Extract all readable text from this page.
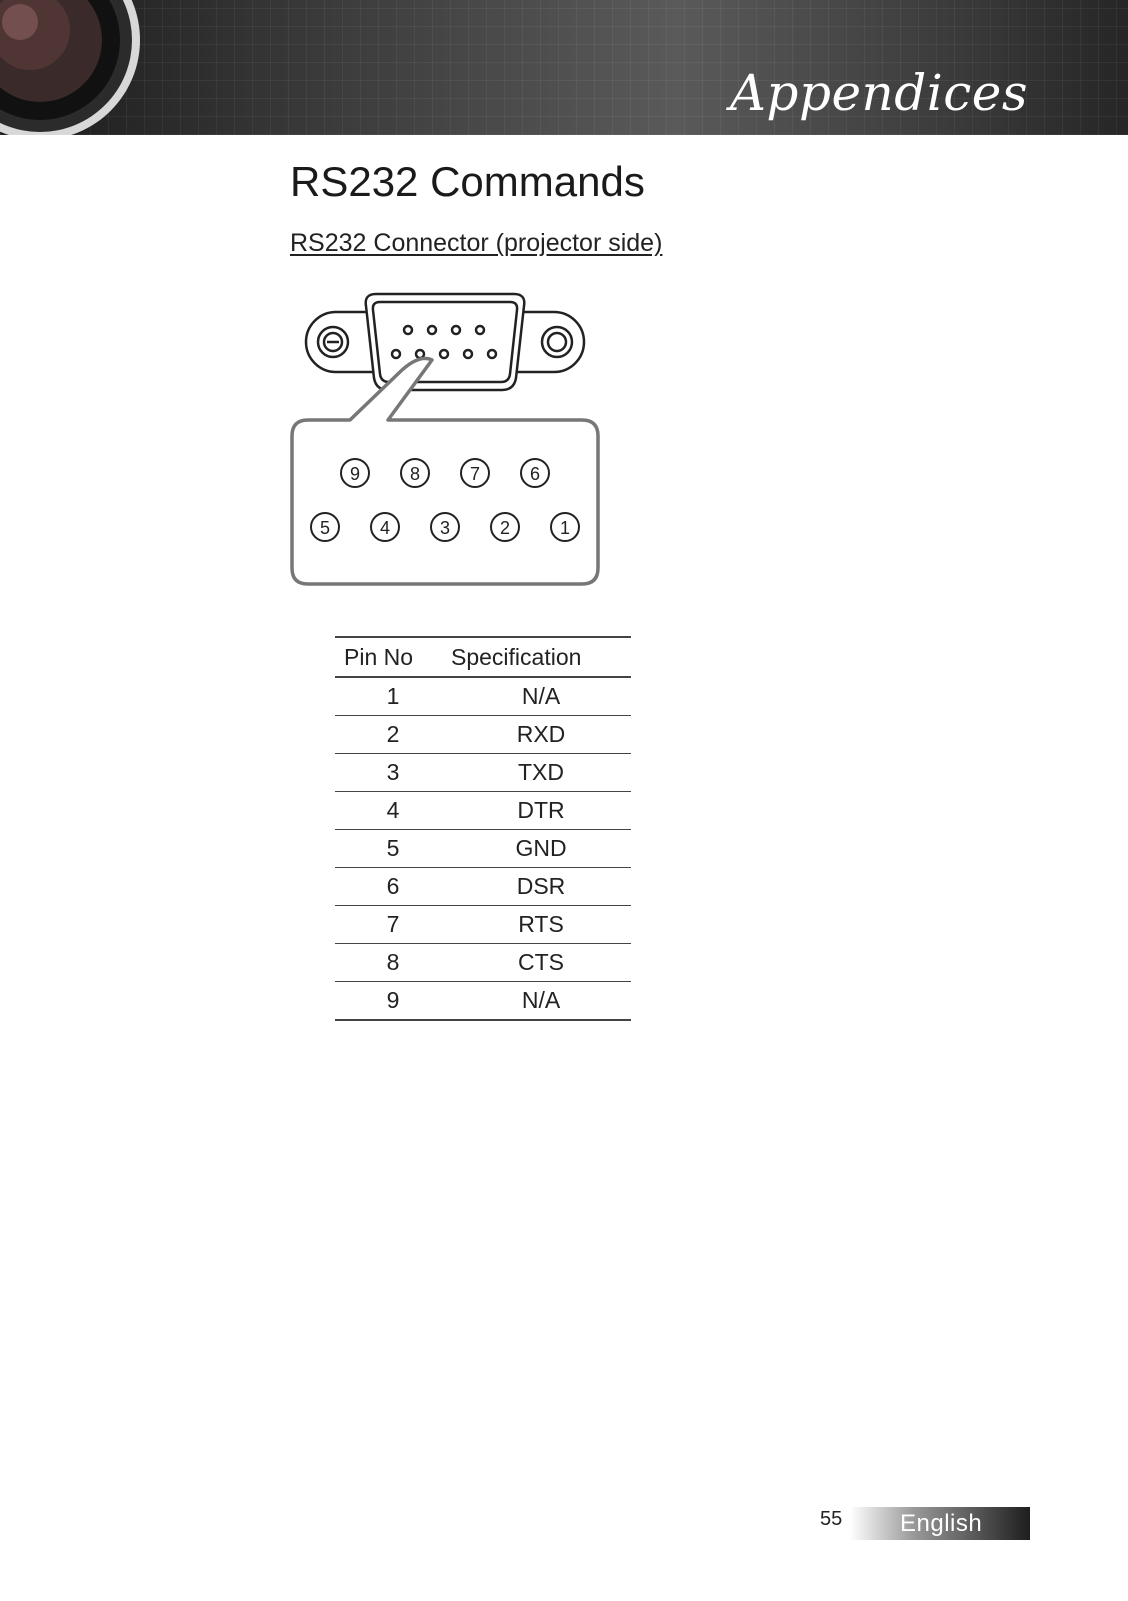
Appendices
RS232 Commands
RS232 Connector (projector side)
9	8	7	6
5	4	3	2	1
Pin No	Specification
1	N/A
2	RXD
3	TXD
4	DTR
5	GND
6	DSR
7	RTS
8	CTS
9	N/A
55 English
